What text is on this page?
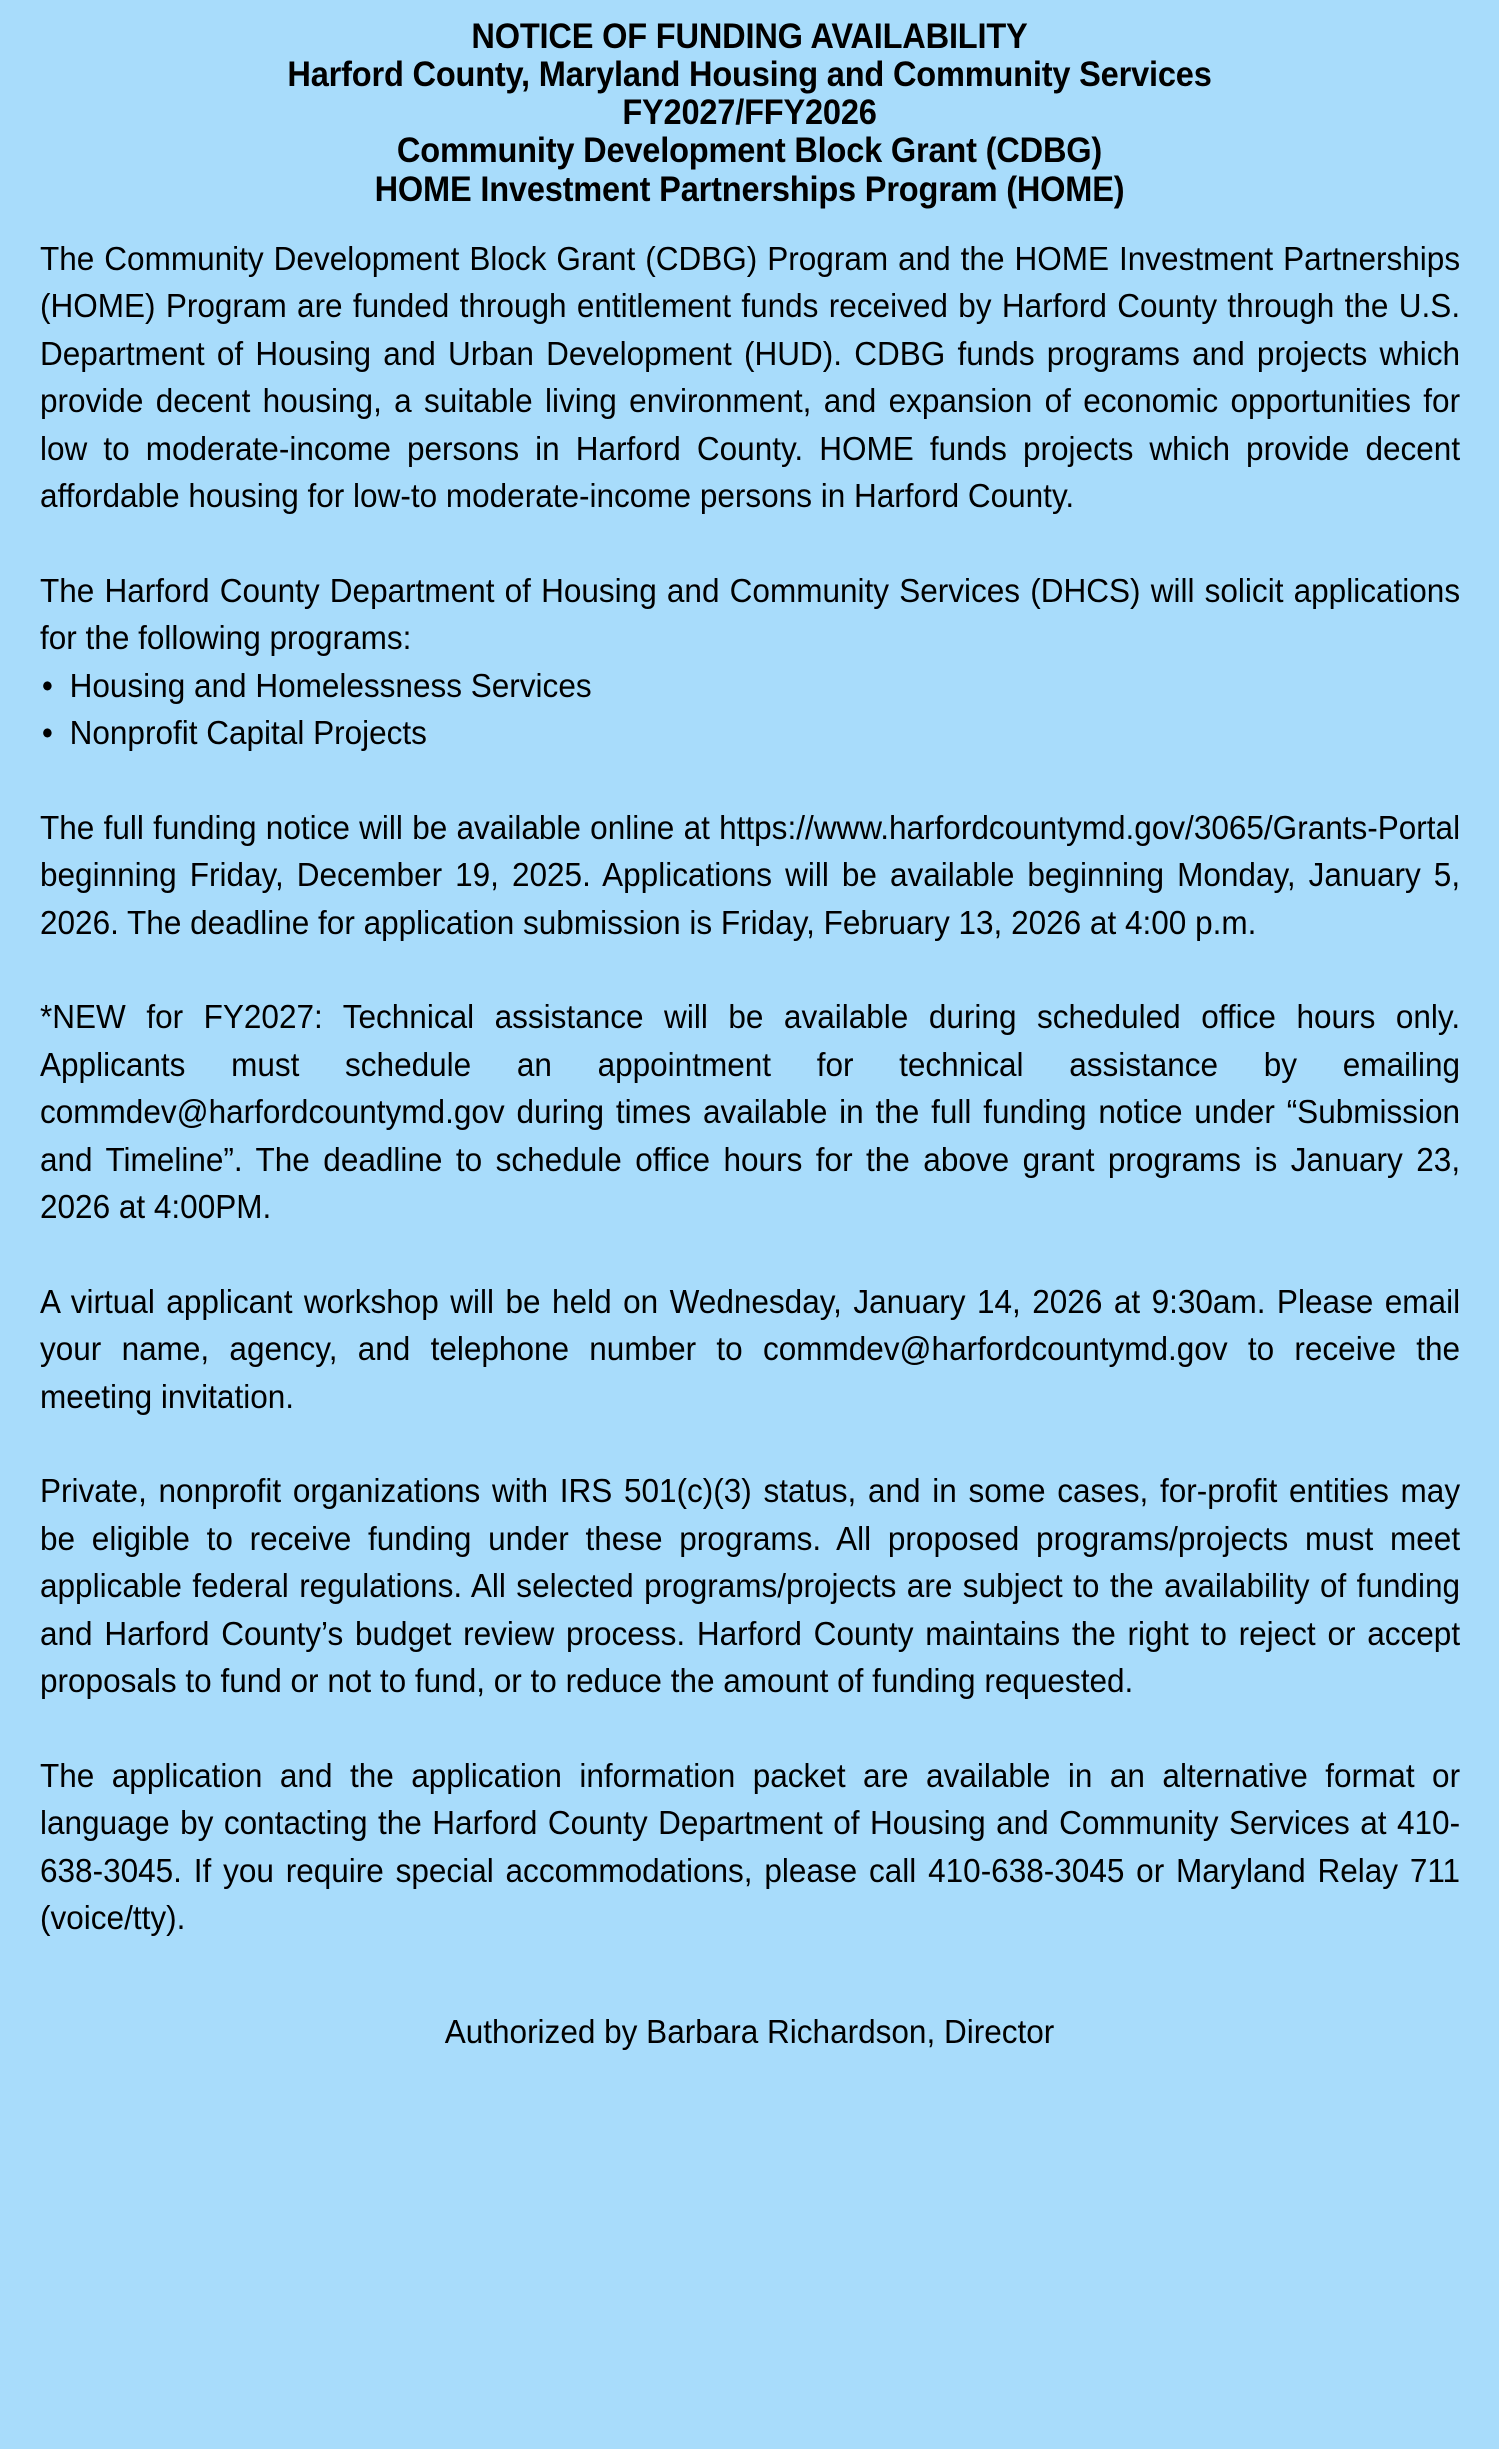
NOTICE OF FUNDING AVAILABILITY
Harford County, Maryland Housing and Community Services
FY2027/FFY2026
Community Development Block Grant (CDBG)
HOME Investment Partnerships Program (HOME)

The Community Development Block Grant (CDBG) Program and the HOME Investment Partnerships (HOME) Program are funded through entitlement funds received by Harford County through the U.S. Department of Housing and Urban Development (HUD). CDBG funds programs and projects which provide decent housing, a suitable living environment, and expansion of economic opportunities for low to moderate-income persons in Harford County. HOME funds projects which provide decent affordable housing for low-to moderate-income persons in Harford County.

The Harford County Department of Housing and Community Services (DHCS) will solicit applications for the following programs:

• Housing and Homelessness Services
• Nonprofit Capital Projects

The full funding notice will be available online at https://www.harfordcountymd.gov/3065/Grants-Portal beginning Friday, December 19, 2025. Applications will be available beginning Monday, January 5, 2026. The deadline for application submission is Friday, February 13, 2026 at 4:00 p.m.

*NEW for FY2027: Technical assistance will be available during scheduled office hours only. Applicants must schedule an appointment for technical assistance by emailing commdev@harfordcountymd.gov during times available in the full funding notice under “Submission and Timeline”. The deadline to schedule office hours for the above grant programs is January 23, 2026 at 4:00PM.

A virtual applicant workshop will be held on Wednesday, January 14, 2026 at 9:30am. Please email your name, agency, and telephone number to commdev@harfordcountymd.gov to receive the meeting invitation.

Private, nonprofit organizations with IRS 501(c)(3) status, and in some cases, for-profit entities may be eligible to receive funding under these programs. All proposed programs/projects must meet applicable federal regulations. All selected programs/projects are subject to the availability of funding and Harford County’s budget review process. Harford County maintains the right to reject or accept proposals to fund or not to fund, or to reduce the amount of funding requested.

The application and the application information packet are available in an alternative format or language by contacting the Harford County Department of Housing and Community Services at 410-638-3045. If you require special accommodations, please call 410-638-3045 or Maryland Relay 711 (voice/tty).

Authorized by Barbara Richardson, Director
